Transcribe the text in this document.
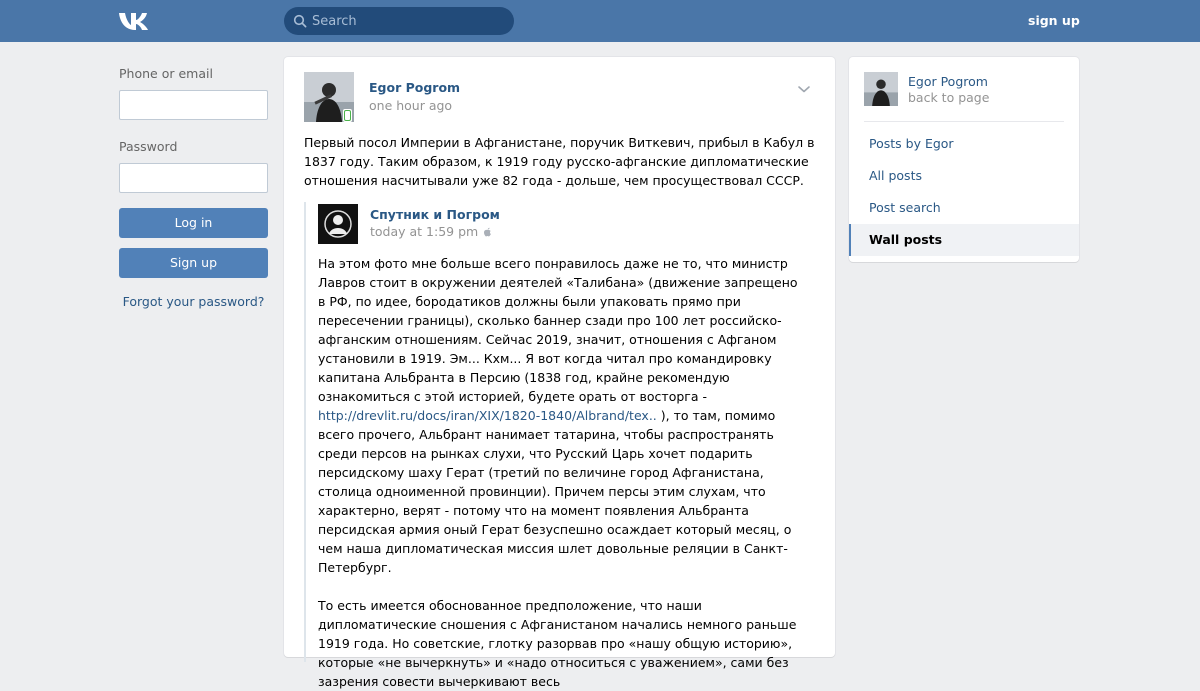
Search
sign up
Phone or email
Password
Log in
Sign up
Forgot your password?
Egor Pogrom
one hour ago
Первый посол Империи в Афганистане, поручик Виткевич, прибыл в Кабул в 1837 году. Таким образом, к 1919 году русско-афганские дипломатические отношения насчитывали уже 82 года - дольше, чем просуществовал СССР.
Спутник и Погром
today at 1:59 pm

На этом фото мне больше всего понравилось даже не то, что министр Лавров стоит в окружении деятелей «Талибана» (движение запрещено в РФ, по идее, бородатиков должны были упаковать прямо при пересечении границы), сколько баннер сзади про 100 лет российско-афганским отношениям. Сейчас 2019, значит, отношения с Афганом установили в 1919. Эм... Кхм... Я вот когда читал про командировку капитана Альбранта в Персию (1838 год, крайне рекомендую ознакомиться с этой историей, будете орать от восторга - http://drevlit.ru/docs/iran/XIX/1820-1840/Albrand/tex.. ), то там, помимо всего прочего, Альбрант нанимает татарина, чтобы распространять среди персов на рынках слухи, что Русский Царь хочет подарить персидскому шаху Герат (третий по величине город Афганистана, столица одноименной провинции). Причем персы этим слухам, что характерно, верят - потому что на момент появления Альбранта персидская армия оный Герат безуспешно осаждает который месяц, о чем наша дипломатическая миссия шлет довольные реляции в Санкт-Петербург.

То есть имеется обоснованное предположение, что наши дипломатические сношения с Афганистаном начались немного раньше 1919 года. Но советские, глотку разорвав про «нашу общую историю», которые «не вычеркнуть» и «надо относиться с уважением», сами без зазрения совести вычеркивают весь

Egor Pogrom
back to page
Posts by Egor
All posts
Post search
Wall posts
